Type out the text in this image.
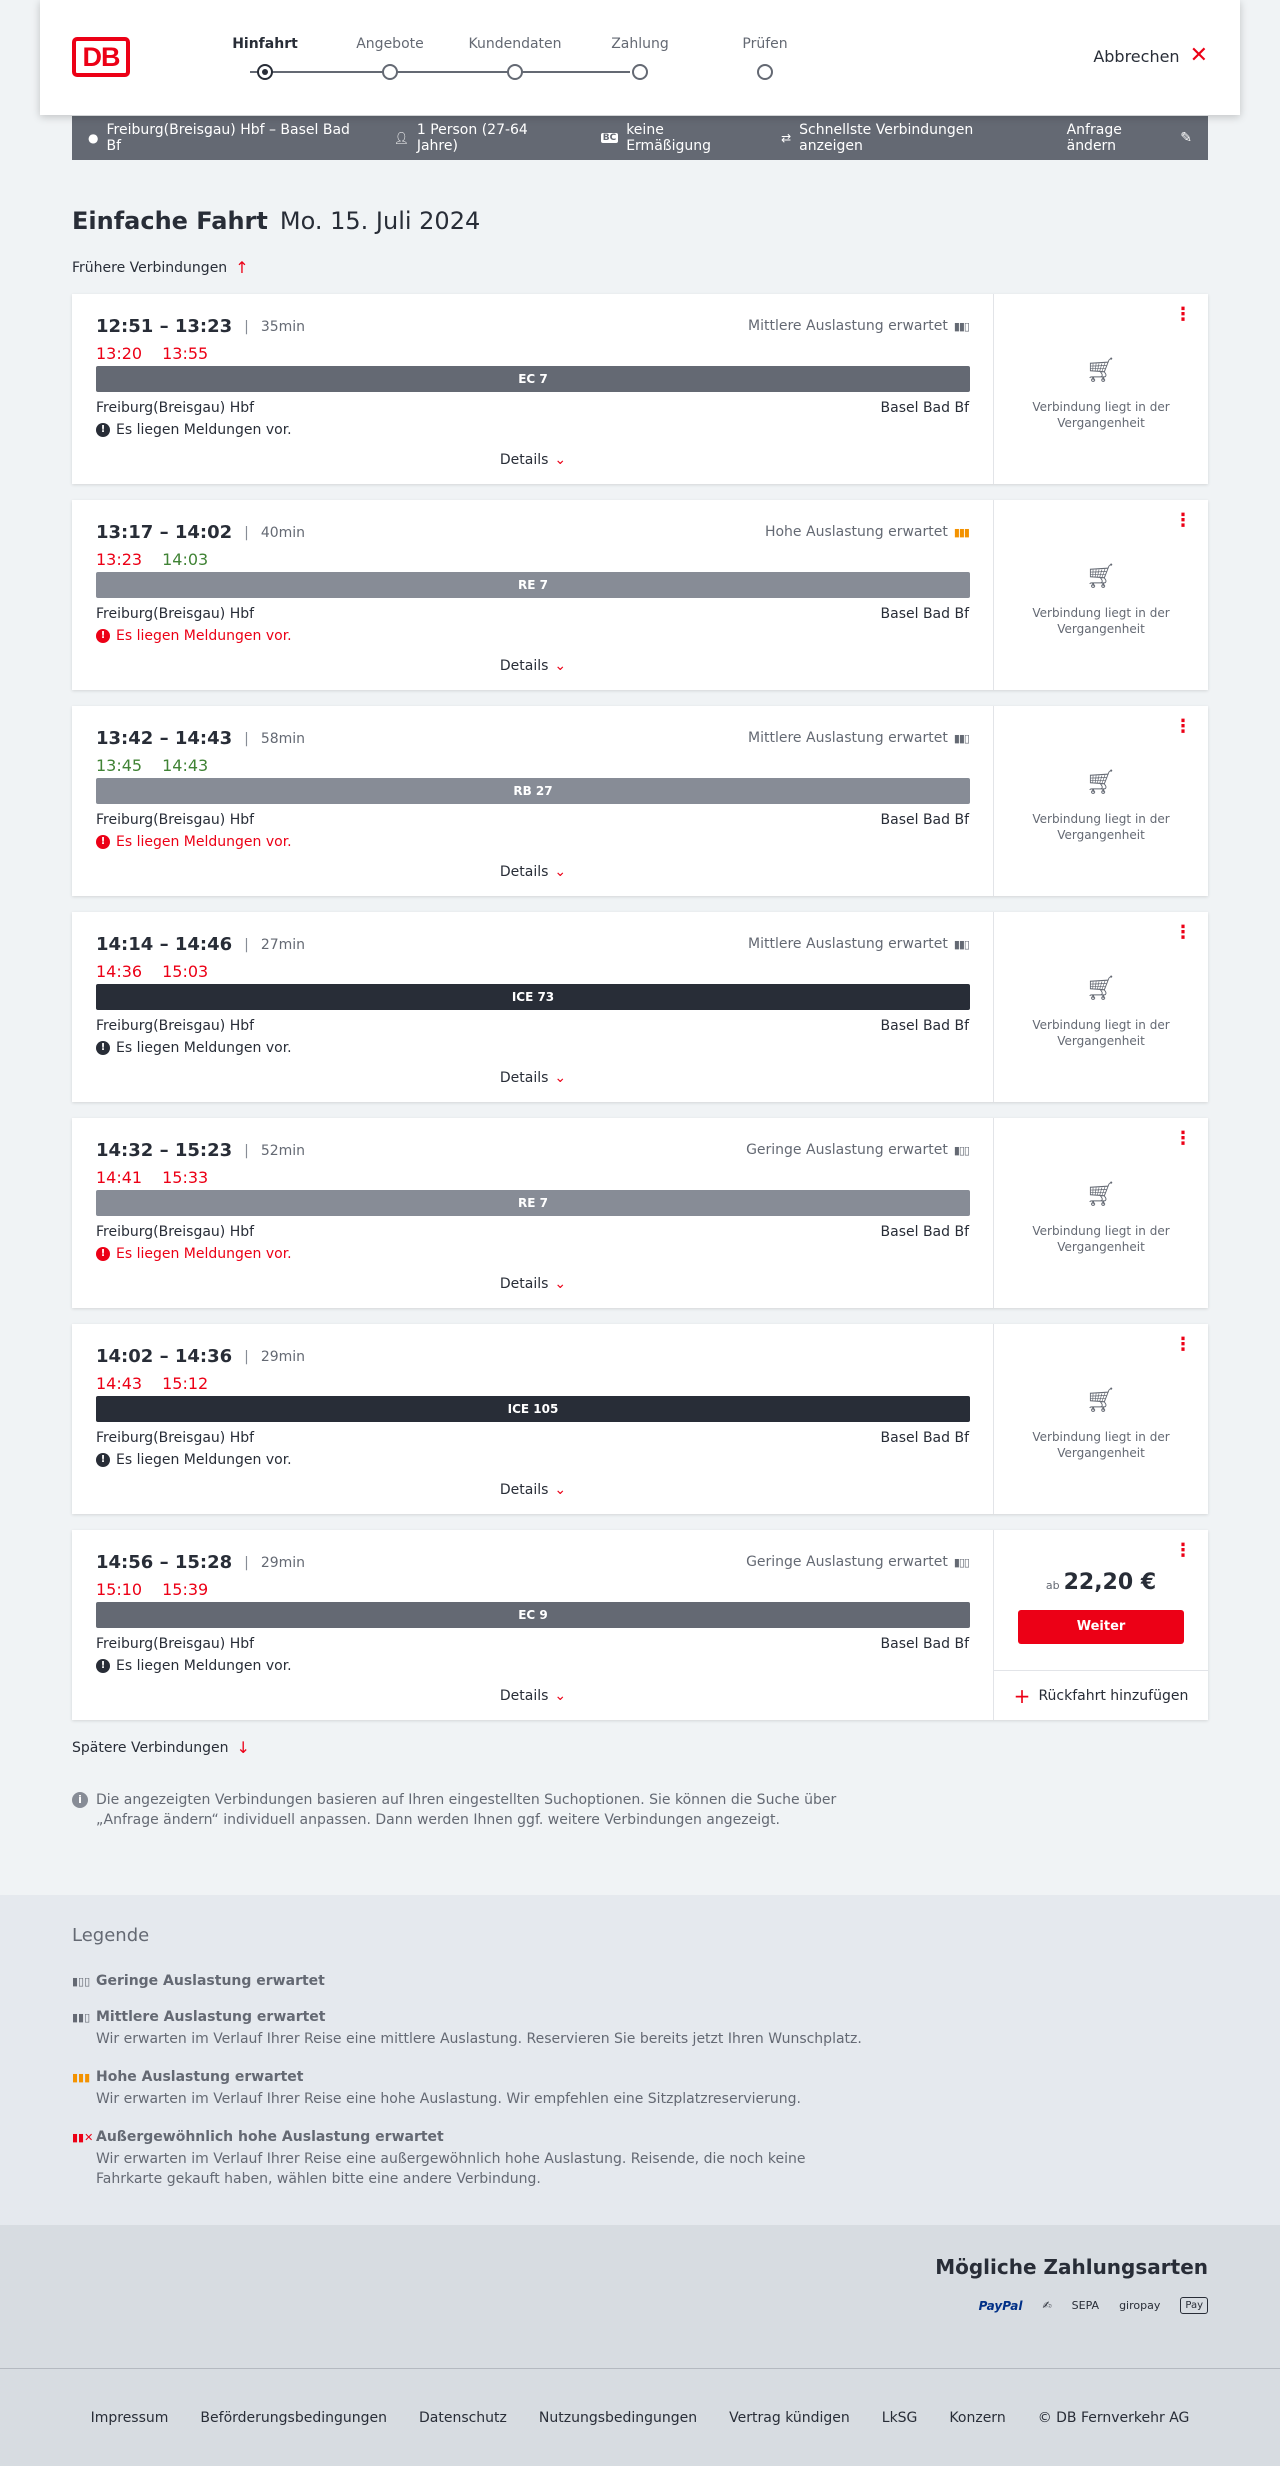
DB	Hinfahrt	Angebote	Kundendaten	Zahlung	Prüfen
Abbrechen ✕
● Freiburg(Breisgau) Hbf – Basel Bad Bf	👤︎ 1 Person (27-64 Jahre)	BC keine Ermäßigung	⇄ Schnellste Verbindungen anzeigen
Anfrage ändern	✎
Einfache Fahrt Mo. 15. Juli 2024
Frühere Verbindungen ↑
12:51 – 13:23 | 35min
13:20 13:55
Mittlere Auslastung erwartet ▮▮▯
EC 7
Freiburg(Breisgau) Hbf	Basel Bad Bf
! Es liegen Meldungen vor.
Details ⌄
⋮
🛒︎
Verbindung liegt in der Vergangenheit
13:17 – 14:02 | 40min
13:23 14:03
Hohe Auslastung erwartet ▮▮▮
RE 7
Freiburg(Breisgau) Hbf	Basel Bad Bf
! Es liegen Meldungen vor.
Details ⌄
⋮
🛒︎
Verbindung liegt in der Vergangenheit
13:42 – 14:43 | 58min
13:45 14:43
Mittlere Auslastung erwartet ▮▮▯
RB 27
Freiburg(Breisgau) Hbf	Basel Bad Bf
! Es liegen Meldungen vor.
Details ⌄
⋮
🛒︎
Verbindung liegt in der Vergangenheit
14:14 – 14:46 | 27min
14:36 15:03
Mittlere Auslastung erwartet ▮▮▯
ICE 73
Freiburg(Breisgau) Hbf	Basel Bad Bf
! Es liegen Meldungen vor.
Details ⌄
⋮
🛒︎
Verbindung liegt in der Vergangenheit
14:32 – 15:23 | 52min
14:41 15:33
Geringe Auslastung erwartet ▮▯▯
RE 7
Freiburg(Breisgau) Hbf	Basel Bad Bf
! Es liegen Meldungen vor.
Details ⌄
⋮
🛒︎
Verbindung liegt in der Vergangenheit
14:02 – 14:36 | 29min
14:43 15:12
ICE 105
Freiburg(Breisgau) Hbf	Basel Bad Bf
! Es liegen Meldungen vor.
Details ⌄
⋮
🛒︎
Verbindung liegt in der Vergangenheit
14:56 – 15:28 | 29min
15:10 15:39
Geringe Auslastung erwartet ▮▯▯
EC 9
Freiburg(Breisgau) Hbf	Basel Bad Bf
! Es liegen Meldungen vor.
Details ⌄
⋮
ab 22,20 €
Weiter
+ Rückfahrt hinzufügen
Spätere Verbindungen ↓
i	Die angezeigten Verbindungen basieren auf Ihren eingestellten Suchoptionen. Sie können die Suche über „Anfrage ändern“ individuell anpassen. Dann werden Ihnen ggf. weitere Verbindungen angezeigt.
Legende
▮▯▯ Geringe Auslastung erwartet
▮▮▯ Mittlere Auslastung erwartet
Wir erwarten im Verlauf Ihrer Reise eine mittlere Auslastung. Reservieren Sie bereits jetzt Ihren Wunschplatz.
▮▮▮ Hohe Auslastung erwartet
Wir erwarten im Verlauf Ihrer Reise eine hohe Auslastung. Wir empfehlen eine Sitzplatzreservierung.
▮▮✕ Außergewöhnlich hohe Auslastung erwartet
Wir erwarten im Verlauf Ihrer Reise eine außergewöhnlich hohe Auslastung. Reisende, die noch keine Fahrkarte gekauft haben, wählen bitte eine andere Verbindung.
Mögliche Zahlungsarten
PayPal ✍ SEPA giropay	Pay
Impressum Beförderungsbedingungen Datenschutz Nutzungsbedingungen Vertrag kündigen LkSG Konzern © DB Fernverkehr AG
